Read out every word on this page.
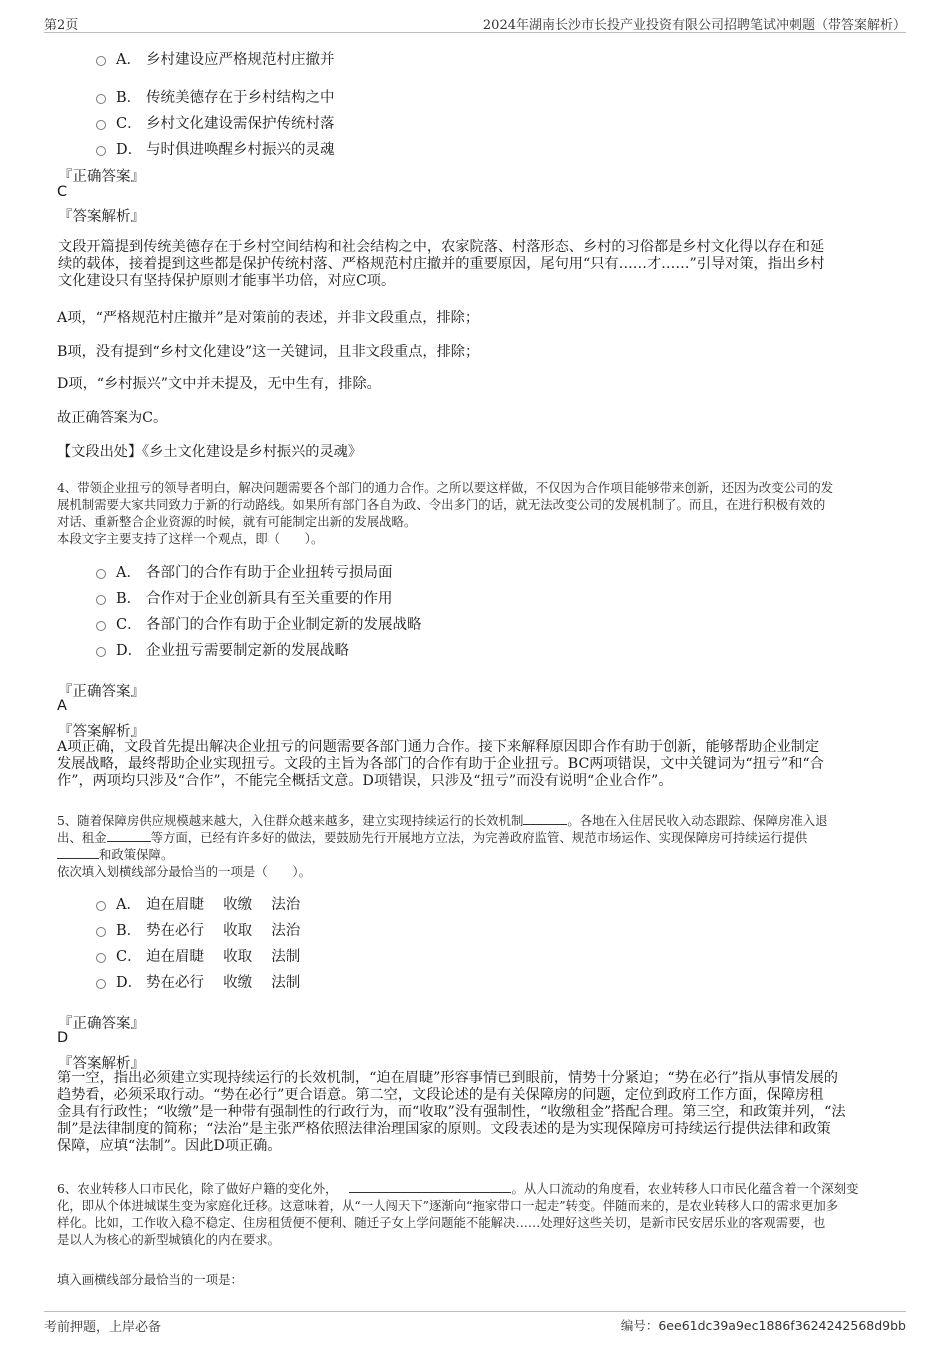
第2页	2024年湖南长沙市长投产业投资有限公司招聘笔试冲刺题（带答案解析）
A． 乡村建设应严格规范村庄撤并
B． 传统美德存在于乡村结构之中
C． 乡村文化建设需保护传统村落
D． 与时俱进唤醒乡村振兴的灵魂
『正确答案』
C
『答案解析』
文段开篇提到传统美德存在于乡村空间结构和社会结构之中，农家院落、村落形态、乡村的习俗都是乡村文化得以存在和延
续的载体，接着提到这些都是保护传统村落、严格规范村庄撤并的重要原因，尾句用“只有……才……”引导对策，指出乡村
文化建设只有坚持保护原则才能事半功倍，对应C项。
A项，“严格规范村庄撤并”是对策前的表述，并非文段重点，排除；
B项，没有提到“乡村文化建设”这一关键词，且非文段重点，排除；
D项，“乡村振兴”文中并未提及，无中生有，排除。
故正确答案为C。
【文段出处】《乡土文化建设是乡村振兴的灵魂》
4、带领企业扭亏的领导者明白，解决问题需要各个部门的通力合作。之所以要这样做，不仅因为合作项目能够带来创新，还因为改变公司的发
展机制需要大家共同致力于新的行动路线。如果所有部门各自为政、令出多门的话，就无法改变公司的发展机制了。而且，在进行积极有效的
对话、重新整合企业资源的时候，就有可能制定出新的发展战略。
本段文字主要支持了这样一个观点，即（　　）。
A． 各部门的合作有助于企业扭转亏损局面
B． 合作对于企业创新具有至关重要的作用
C． 各部门的合作有助于企业制定新的发展战略
D． 企业扭亏需要制定新的发展战略
『正确答案』
A
『答案解析』
A项正确，文段首先提出解决企业扭亏的问题需要各部门通力合作。接下来解释原因即合作有助于创新，能够帮助企业制定
发展战略，最终帮助企业实现扭亏。文段的主旨为各部门的合作有助于企业扭亏。BC两项错误，文中关键词为“扭亏”和“合
作”，两项均只涉及“合作”，不能完全概括文意。D项错误，只涉及“扭亏”而没有说明“企业合作”。
5、随着保障房供应规模越来越大，入住群众越来越多，建立实现持续运行的长效机制	。各地在入住居民收入动态跟踪、保障房准入退
出、租金	等方面，已经有许多好的做法，要鼓励先行开展地方立法，为完善政府监管、规范市场运作、实现保障房可持续运行提供
和政策保障。
依次填入划横线部分最恰当的一项是（　　）。
A． 迫在眉睫　 收缴　 法治
B． 势在必行　 收取　 法治
C． 迫在眉睫　 收取　 法制
D． 势在必行　 收缴　 法制
『正确答案』
D
『答案解析』
第一空，指出必须建立实现持续运行的长效机制，“迫在眉睫”形容事情已到眼前，情势十分紧迫；“势在必行”指从事情发展的
趋势看，必须采取行动。“势在必行”更合语意。第二空，文段论述的是有关保障房的问题，定位到政府工作方面，保障房租
金具有行政性；“收缴”是一种带有强制性的行政行为，而“收取”没有强制性，“收缴租金”搭配合理。第三空，和政策并列，“法
制”是法律制度的简称；“法治”是主张严格依照法律治理国家的原则。文段表述的是为实现保障房可持续运行提供法律和政策
保障，应填“法制”。因此D项正确。
6、农业转移人口市民化，除了做好户籍的变化外，	。从人口流动的角度看，农业转移人口市民化蕴含着一个深刻变
化，即从个体进城谋生变为家庭化迁移。这意味着，从“一人闯天下”逐渐向“拖家带口一起走”转变。伴随而来的，是农业转移人口的需求更加多
样化。比如，工作收入稳不稳定、住房租赁便不便利、随迁子女上学问题能不能解决……处理好这些关切，是新市民安居乐业的客观需要，也
是以人为核心的新型城镇化的内在要求。
填入画横线部分最恰当的一项是：
考前押题，上岸必备	编号：6ee61dc39a9ec1886f3624242568d9bb
